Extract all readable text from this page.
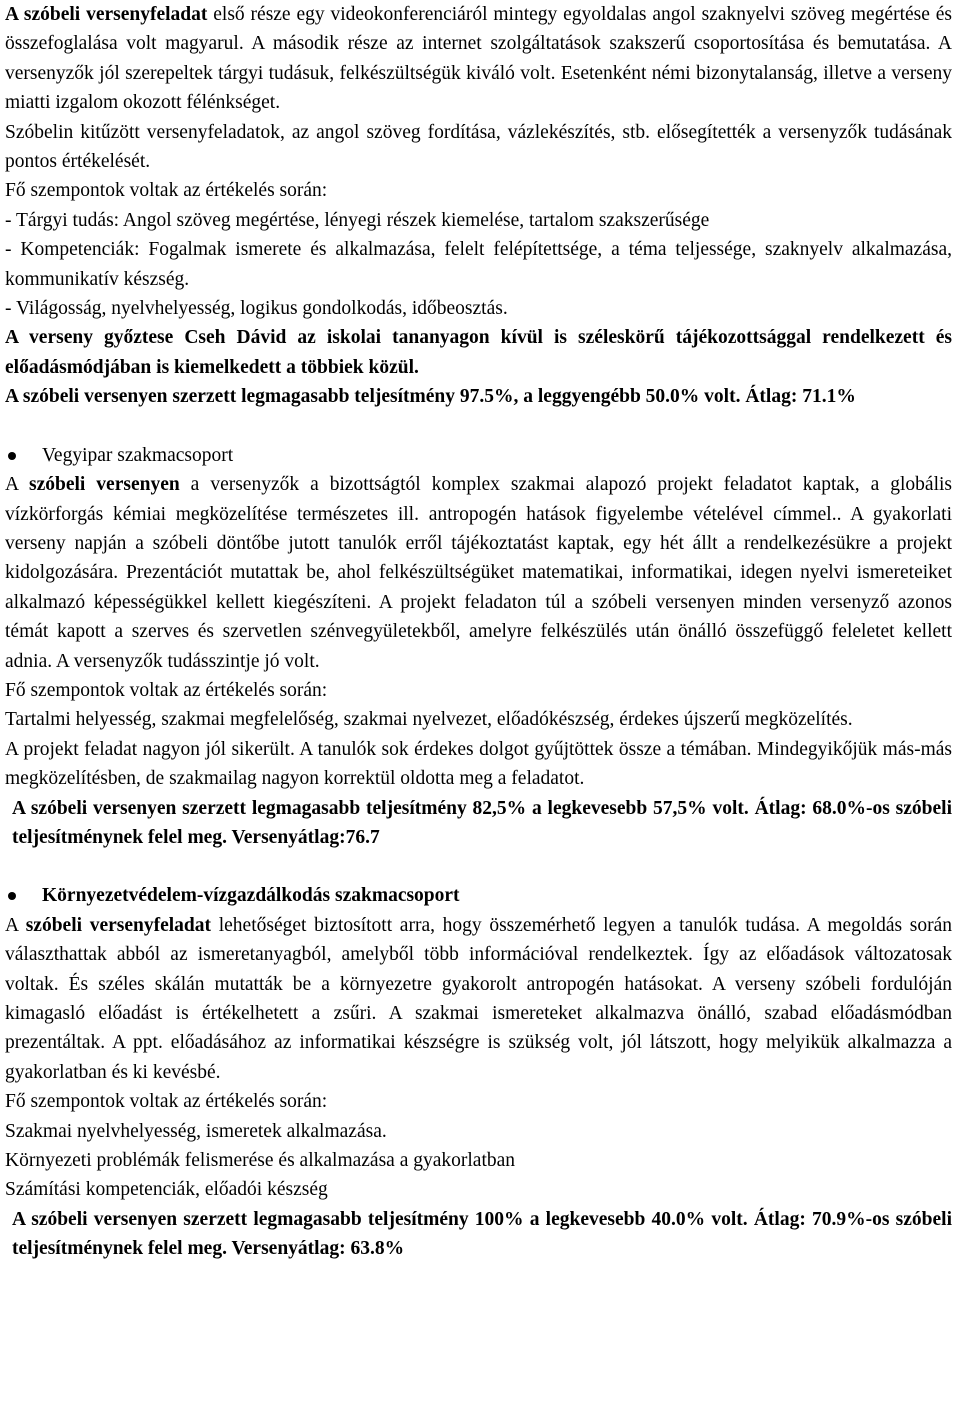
A szóbeli versenyfeladat első része egy videokonferenciáról mintegy egyoldalas angol szaknyelvi szöveg megértése és összefoglalása volt magyarul. A második része az internet szolgáltatások szakszerű csoportosítása és bemutatása. A versenyzők jól szerepeltek tárgyi tudásuk, felkészültségük kiváló volt. Esetenként némi bizonytalanság, illetve a verseny miatti izgalom okozott félénkséget.

Szóbelin kitűzött versenyfeladatok, az angol szöveg fordítása, vázlekészítés, stb. elősegítették a versenyzők tudásának pontos értékelését.

Fő szempontok voltak az értékelés során:

- Tárgyi tudás: Angol szöveg megértése, lényegi részek kiemelése, tartalom szakszerűsége

- Kompetenciák: Fogalmak ismerete és alkalmazása, felelt felépítettsége, a téma teljessége, szaknyelv alkalmazása, kommunikatív készség.

- Világosság, nyelvhelyesség, logikus gondolkodás, időbeosztás.

A verseny győztese Cseh Dávid az iskolai tananyagon kívül is széleskörű tájékozottsággal rendelkezett és előadásmódjában is kiemelkedett a többiek közül.

A szóbeli versenyen szerzett legmagasabb teljesítmény 97.5%, a leggyengébb 50.0% volt. Átlag: 71.1%

Vegyipar szakmacsoport

A szóbeli versenyen a versenyzők a bizottságtól komplex szakmai alapozó projekt feladatot kaptak, a globális vízkörforgás kémiai megközelítése természetes ill. antropogén hatások figyelembe vételével címmel.. A gyakorlati verseny napján a szóbeli döntőbe jutott tanulók erről tájékoztatást kaptak, egy hét állt a rendelkezésükre a projekt kidolgozására. Prezentációt mutattak be, ahol felkészültségüket matematikai, informatikai, idegen nyelvi ismereteiket alkalmazó képességükkel kellett kiegészíteni. A projekt feladaton túl a szóbeli versenyen minden versenyző azonos témát kapott a szerves és szervetlen szénvegyületekből, amelyre felkészülés után önálló összefüggő feleletet kellett adnia. A versenyzők tudásszintje jó volt.

Fő szempontok voltak az értékelés során:

Tartalmi helyesség, szakmai megfelelőség, szakmai nyelvezet, előadókészség, érdekes újszerű megközelítés.

A projekt feladat nagyon jól sikerült. A tanulók sok érdekes dolgot gyűjtöttek össze a témában. Mindegyikőjük más-más megközelítésben, de szakmailag nagyon korrektül oldotta meg a feladatot.

A szóbeli versenyen szerzett legmagasabb teljesítmény 82,5% a legkevesebb 57,5% volt. Átlag: 68.0%-os szóbeli teljesítménynek felel meg. Versenyátlag:76.7

Környezetvédelem-vízgazdálkodás szakmacsoport

A szóbeli versenyfeladat lehetőséget biztosított arra, hogy összemérhető legyen a tanulók tudása. A megoldás során választhattak abból az ismeretanyagból, amelyből több információval rendelkeztek. Így az előadások változatosak voltak. És széles skálán mutatták be a környezetre gyakorolt antropogén hatásokat. A verseny szóbeli fordulóján kimagasló előadást is értékelhetett a zsűri. A szakmai ismereteket alkalmazva önálló, szabad előadásmódban prezentáltak. A ppt. előadásához az informatikai készségre is szükség volt, jól látszott, hogy melyikük alkalmazza a gyakorlatban és ki kevésbé.

Fő szempontok voltak az értékelés során:

Szakmai nyelvhelyesség, ismeretek alkalmazása.

Környezeti problémák felismerése és alkalmazása a gyakorlatban

Számítási kompetenciák, előadói készség

A szóbeli versenyen szerzett legmagasabb teljesítmény 100% a legkevesebb 40.0% volt. Átlag: 70.9%-os szóbeli teljesítménynek felel meg. Versenyátlag: 63.8%
